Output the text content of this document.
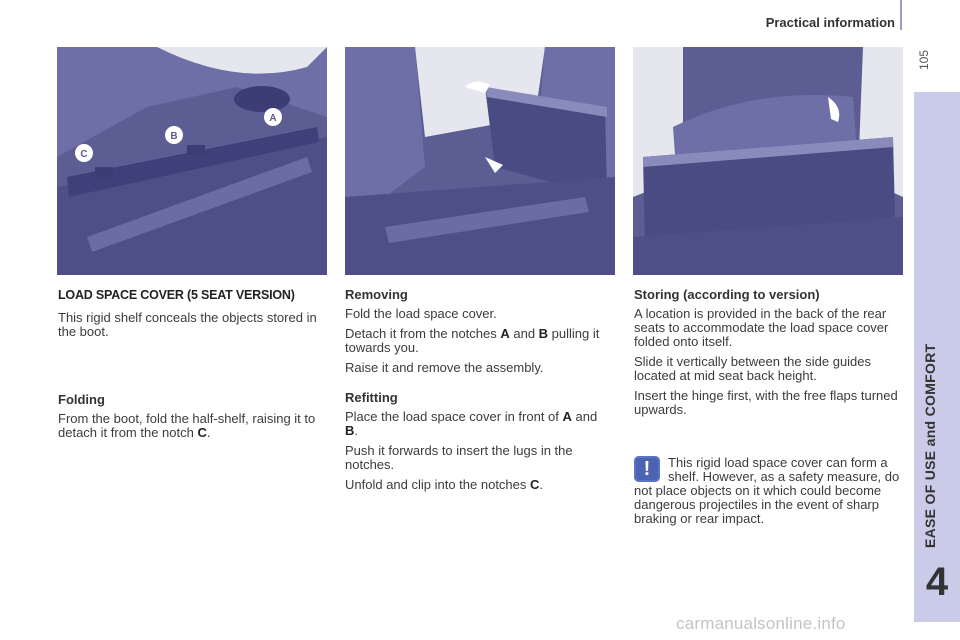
Practical information
105
EASE OF USE and COMFORT
4
A
B
C
LOAD SPACE COVER (5 SEAT VERSION)

This rigid shelf conceals the objects stored in the boot.

Folding

From the boot, fold the half-shelf, raising it to detach it from the notch C.

Removing

Fold the load space cover.

Detach it from the notches A and B pulling it towards you.

Raise it and remove the assembly.

Refitting

Place the load space cover in front of A and B.

Push it forwards to insert the lugs in the notches.

Unfold and clip into the notches C.

Storing (according to version)

A location is provided in the back of the rear seats to accommodate the load space cover folded onto itself.

Slide it vertically between the side guides located at mid seat back height.

Insert the hinge first, with the free flaps turned upwards.

!	This rigid load space cover can form a shelf. However, as a safety measure, do not place objects on it which could become dangerous projectiles in the event of sharp braking or rear impact.
carmanualsonline.info
